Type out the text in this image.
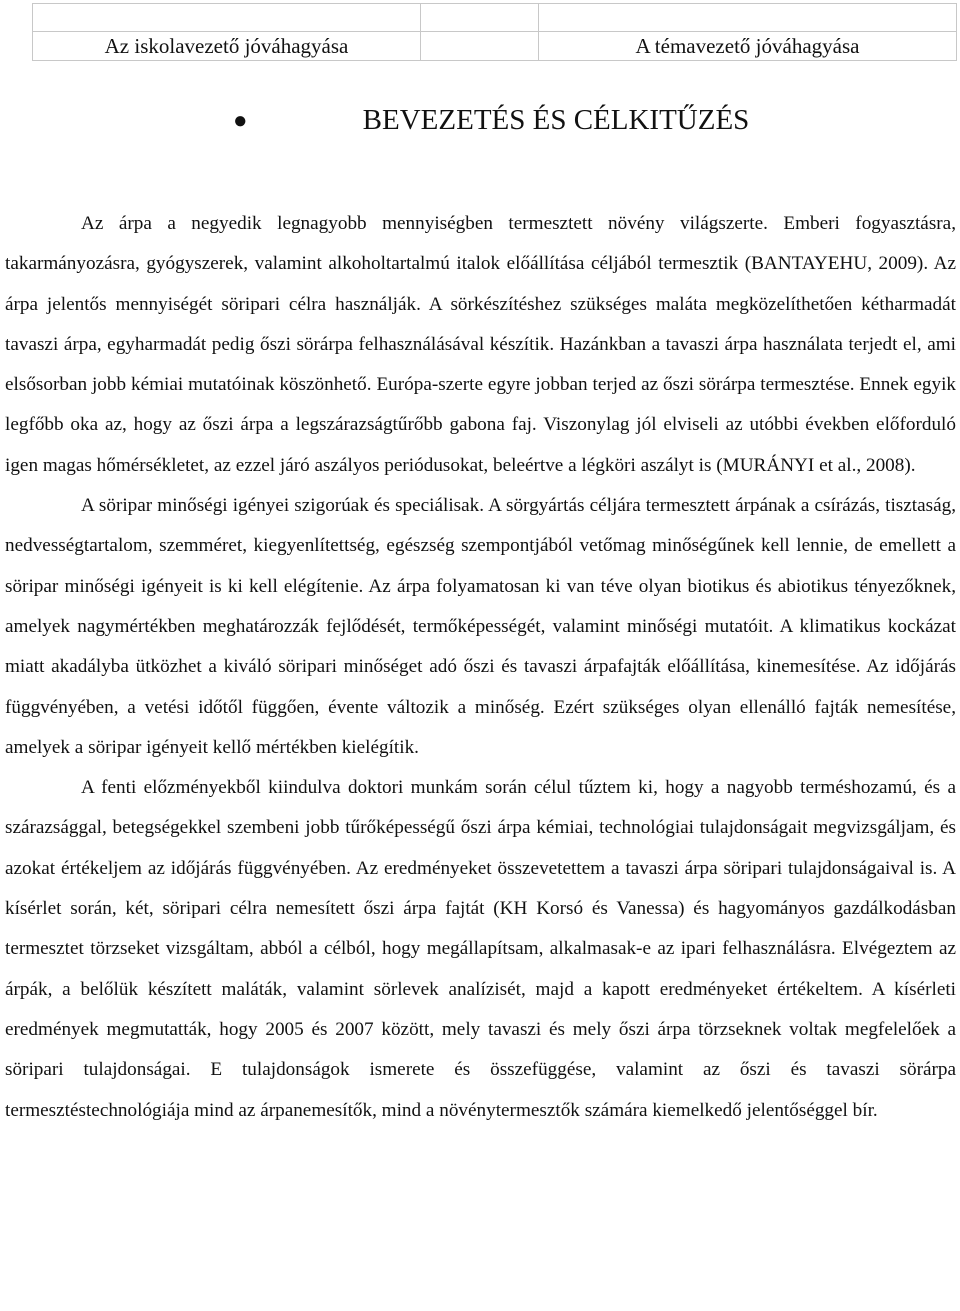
Az iskolavezető jóváhagyása		A témavezető jóváhagyása
●	BEVEZETÉS ÉS CÉLKITŰZÉS

Az árpa a negyedik legnagyobb mennyiségben termesztett növény világszerte. Emberi fogyasztásra, takarmányozásra, gyógyszerek, valamint alkoholtartalmú italok előállítása céljából termesztik (BANTAYEHU, 2009). Az árpa jelentős mennyiségét söripari célra használják. A sörkészítéshez szükséges maláta megközelíthetően kétharmadát tavaszi árpa, egyharmadát pedig őszi sörárpa felhasználásával készítik. Hazánkban a tavaszi árpa használata terjedt el, ami elsősorban jobb kémiai mutatóinak köszönhető. Európa-szerte egyre jobban terjed az őszi sörárpa termesztése. Ennek egyik legfőbb oka az, hogy az őszi árpa a legszárazságtűrőbb gabona faj. Viszonylag jól elviseli az utóbbi években előforduló igen magas hőmérsékletet, az ezzel járó aszályos periódusokat, beleértve a légköri aszályt is (MURÁNYI et al., 2008).

A söripar minőségi igényei szigorúak és speciálisak. A sörgyártás céljára termesztett árpának a csírázás, tisztaság, nedvességtartalom, szemméret, kiegyenlítettség, egészség szempontjából vetőmag minőségűnek kell lennie, de emellett a söripar minőségi igényeit is ki kell elégítenie. Az árpa folyamatosan ki van téve olyan biotikus és abiotikus tényezőknek, amelyek nagymértékben meghatározzák fejlődését, termőképességét, valamint minőségi mutatóit. A klimatikus kockázat miatt akadályba ütközhet a kiváló söripari minőséget adó őszi és tavaszi árpafajták előállítása, kinemesítése. Az időjárás függvényében, a vetési időtől függően, évente változik a minőség. Ezért szükséges olyan ellenálló fajták nemesítése, amelyek a söripar igényeit kellő mértékben kielégítik.

A fenti előzményekből kiindulva doktori munkám során célul tűztem ki, hogy a nagyobb terméshozamú, és a szárazsággal, betegségekkel szembeni jobb tűrőképességű őszi árpa kémiai, technológiai tulajdonságait megvizsgáljam, és azokat értékeljem az időjárás függvényében. Az eredményeket összevetettem a tavaszi árpa söripari tulajdonságaival is. A kísérlet során, két, söripari célra nemesített őszi árpa fajtát (KH Korsó és Vanessa) és hagyományos gazdálkodásban termesztet törzseket vizsgáltam, abból a célból, hogy megállapítsam, alkalmasak-e az ipari felhasználásra. Elvégeztem az árpák, a belőlük készített maláták, valamint sörlevek analízisét, majd a kapott eredményeket értékeltem. A kísérleti eredmények megmutatták, hogy 2005 és 2007 között, mely tavaszi és mely őszi árpa törzseknek voltak megfelelőek a söripari tulajdonságai. E tulajdonságok ismerete és összefüggése, valamint az őszi és tavaszi sörárpa termesztéstechnológiája mind az árpanemesítők, mind a növénytermesztők számára kiemelkedő jelentőséggel bír.
